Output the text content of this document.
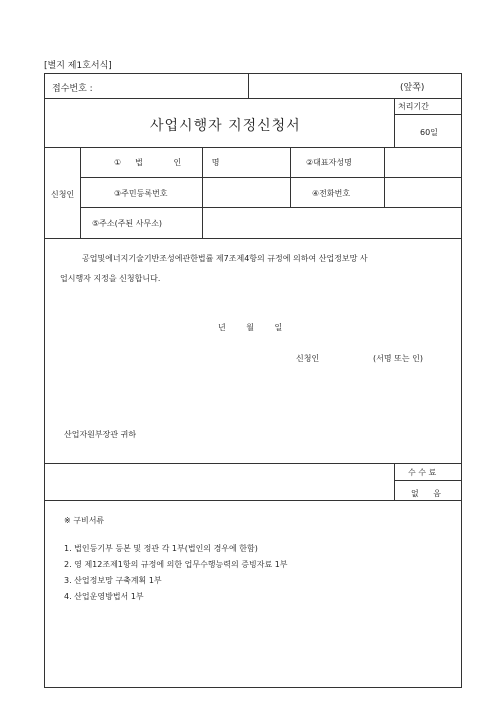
[별지 제1호서식]
(앞쪽)
접수번호 :
사업시행자 지정신청서
처리기간
60일
신청인
①법 인 명	②대표자성명
③주민등록번호	④전화번호
⑤주소(주된 사무소)
공업및에너지기술기반조성에관한법률 제7조제4항의 규정에 의하여 산업정보망 사
업시행자 지정을 신청합니다.
년 월 일
신청인	(서명 또는 인)
산업자원부장관 귀하
수 수 료
없 음
※ 구비서류
1. 법인등기부 등본 및 정관 각 1부(법인의 경우에 한함)
2. 영 제12조제1항의 규정에 의한 업무수행능력의 증빙자료 1부
3. 산업정보망 구축계획 1부
4. 산업운영방법서 1부
